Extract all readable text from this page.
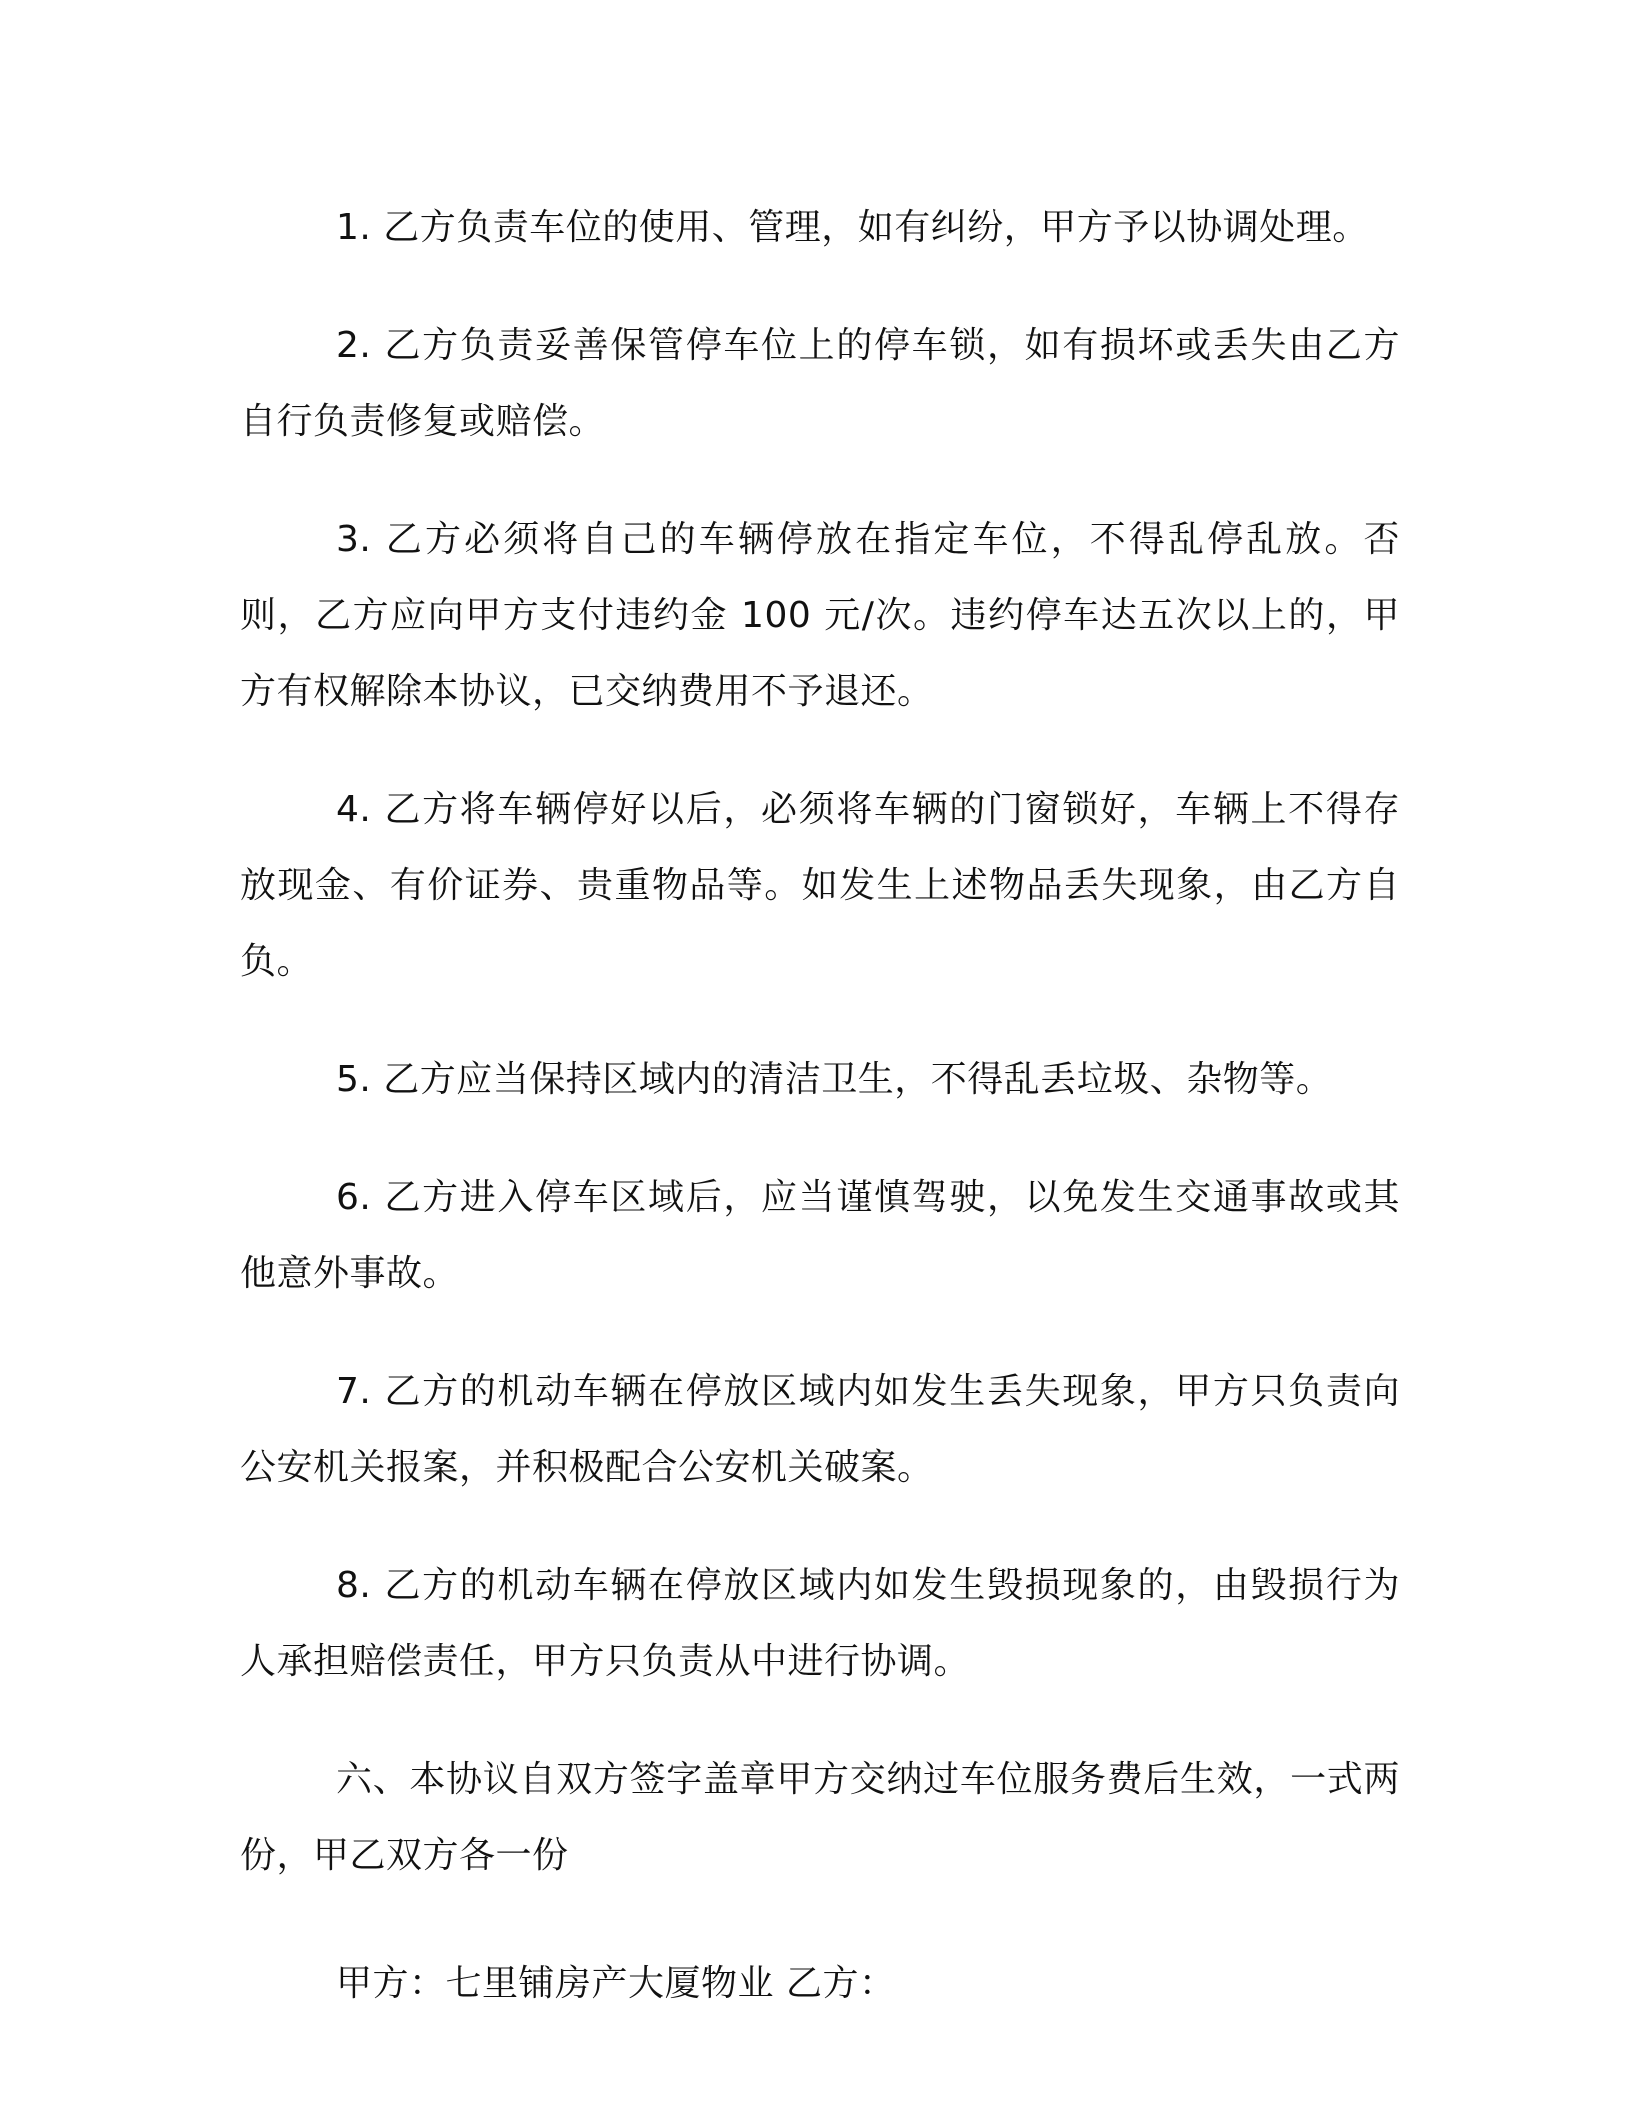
1. 乙方负责车位的使用、管理，如有纠纷，甲方予以协调处理。

2. 乙方负责妥善保管停车位上的停车锁，如有损坏或丢失由乙方自行负责修复或赔偿。

3. 乙方必须将自己的车辆停放在指定车位，不得乱停乱放。否则，乙方应向甲方支付违约金 100 元/次。违约停车达五次以上的，甲方有权解除本协议，已交纳费用不予退还。

4. 乙方将车辆停好以后，必须将车辆的门窗锁好，车辆上不得存放现金、有价证券、贵重物品等。如发生上述物品丢失现象，由乙方自负。

5. 乙方应当保持区域内的清洁卫生，不得乱丢垃圾、杂物等。

6. 乙方进入停车区域后，应当谨慎驾驶，以免发生交通事故或其他意外事故。

7. 乙方的机动车辆在停放区域内如发生丢失现象，甲方只负责向公安机关报案，并积极配合公安机关破案。

8. 乙方的机动车辆在停放区域内如发生毁损现象的，由毁损行为人承担赔偿责任，甲方只负责从中进行协调。

六、本协议自双方签字盖章甲方交纳过车位服务费后生效，一式两份，甲乙双方各一份

甲方：七里铺房产大厦物业 乙方：
